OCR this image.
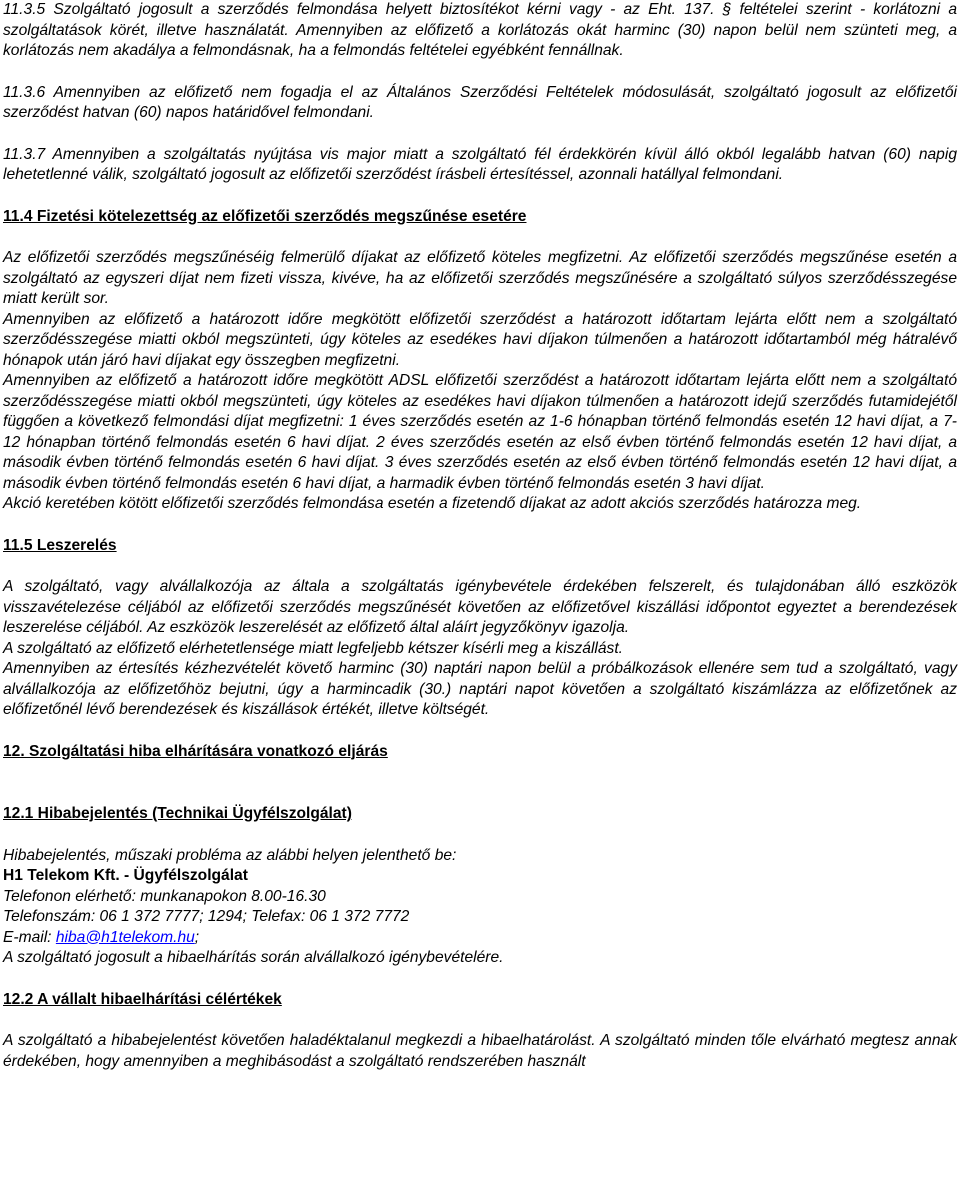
11.3.5 Szolgáltató jogosult a szerződés felmondása helyett biztosítékot kérni vagy - az Eht. 137. § feltételei szerint - korlátozni a szolgáltatások körét, illetve használatát. Amennyiben az előfizető a korlátozás okát harminc (30) napon belül nem szünteti meg, a korlátozás nem akadálya a felmondásnak, ha a felmondás feltételei egyébként fennállnak.

11.3.6 Amennyiben az előfizető nem fogadja el az Általános Szerződési Feltételek módosulását, szolgáltató jogosult az előfizetői szerződést hatvan (60) napos határidővel felmondani.

11.3.7 Amennyiben a szolgáltatás nyújtása vis major miatt a szolgáltató fél érdekkörén kívül álló okból legalább hatvan (60) napig lehetetlenné válik, szolgáltató jogosult az előfizetői szerződést írásbeli értesítéssel, azonnali hatállyal felmondani.

11.4 Fizetési kötelezettség az előfizetői szerződés megszűnése esetére

Az előfizetői szerződés megszűnéséig felmerülő díjakat az előfizető köteles megfizetni. Az előfizetői szerződés megszűnése esetén a szolgáltató az egyszeri díjat nem fizeti vissza, kivéve, ha az előfizetői szerződés megszűnésére a szolgáltató súlyos szerződésszegése miatt került sor.

Amennyiben az előfizető a határozott időre megkötött előfizetői szerződést a határozott időtartam lejárta előtt nem a szolgáltató szerződésszegése miatti okból megszünteti, úgy köteles az esedékes havi díjakon túlmenően a határozott időtartamból még hátralévő hónapok után járó havi díjakat egy összegben megfizetni.

Amennyiben az előfizető a határozott időre megkötött ADSL előfizetői szerződést a határozott időtartam lejárta előtt nem a szolgáltató szerződésszegése miatti okból megszünteti, úgy köteles az esedékes havi díjakon túlmenően a határozott idejű szerződés futamidejétől függően a következő felmondási díjat megfizetni: 1 éves szerződés esetén az 1-6 hónapban történő felmondás esetén 12 havi díjat, a 7-12 hónapban történő felmondás esetén 6 havi díjat. 2 éves szerződés esetén az első évben történő felmondás esetén 12 havi díjat, a második évben történő felmondás esetén 6 havi díjat. 3 éves szerződés esetén az első évben történő felmondás esetén 12 havi díjat, a második évben történő felmondás esetén 6 havi díjat, a harmadik évben történő felmondás esetén 3 havi díjat.

Akció keretében kötött előfizetői szerződés felmondása esetén a fizetendő díjakat az adott akciós szerződés határozza meg.

11.5 Leszerelés

A szolgáltató, vagy alvállalkozója az általa a szolgáltatás igénybevétele érdekében felszerelt, és tulajdonában álló eszközök visszavételezése céljából az előfizetői szerződés megszűnését követően az előfizetővel kiszállási időpontot egyeztet a berendezések leszerelése céljából. Az eszközök leszerelését az előfizető által aláírt jegyzőkönyv igazolja.

A szolgáltató az előfizető elérhetetlensége miatt legfeljebb kétszer kísérli meg a kiszállást.

Amennyiben az értesítés kézhezvételét követő harminc (30) naptári napon belül a próbálkozások ellenére sem tud a szolgáltató, vagy alvállalkozója az előfizetőhöz bejutni, úgy a harmincadik (30.) naptári napot követően a szolgáltató kiszámlázza az előfizetőnek az előfizetőnél lévő berendezések és kiszállások értékét, illetve költségét.

12. Szolgáltatási hiba elhárítására vonatkozó eljárás
12.1 Hibabejelentés (Technikai Ügyfélszolgálat)

Hibabejelentés, műszaki probléma az alábbi helyen jelenthető be:

H1 Telekom Kft. - Ügyfélszolgálat

Telefonon elérhető: munkanapokon 8.00-16.30

Telefonszám: 06 1 372 7777; 1294; Telefax: 06 1 372 7772

E-mail: hiba@h1telekom.hu;

A szolgáltató jogosult a hibaelhárítás során alvállalkozó igénybevételére.

12.2 A vállalt hibaelhárítási célértékek

A szolgáltató a hibabejelentést követően haladéktalanul megkezdi a hibaelhatárolást. A szolgáltató minden tőle elvárható megtesz annak érdekében, hogy amennyiben a meghibásodást a szolgáltató rendszerében használt
